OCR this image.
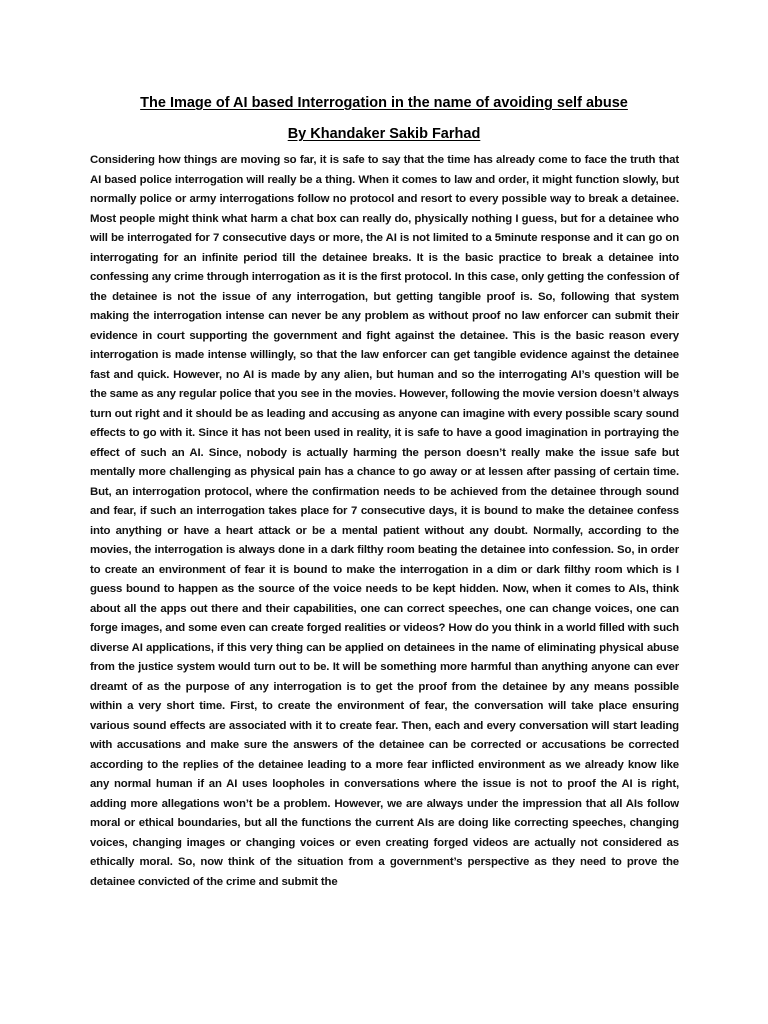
The Image of AI based Interrogation in the name of avoiding self abuse
By Khandaker Sakib Farhad
Considering how things are moving so far, it is safe to say that the time has already come to face the truth that AI based police interrogation will really be a thing. When it comes to law and order, it might function slowly, but normally police or army interrogations follow no protocol and resort to every possible way to break a detainee. Most people might think what harm a chat box can really do, physically nothing I guess, but for a detainee who will be interrogated for 7 consecutive days or more, the AI is not limited to a 5minute response and it can go on interrogating for an infinite period till the detainee breaks. It is the basic practice to break a detainee into confessing any crime through interrogation as it is the first protocol. In this case, only getting the confession of the detainee is not the issue of any interrogation, but getting tangible proof is. So, following that system making the interrogation intense can never be any problem as without proof no law enforcer can submit their evidence in court supporting the government and fight against the detainee. This is the basic reason every interrogation is made intense willingly, so that the law enforcer can get tangible evidence against the detainee fast and quick. However, no AI is made by any alien, but human and so the interrogating AI’s question will be the same as any regular police that you see in the movies. However, following the movie version doesn’t always turn out right and it should be as leading and accusing as anyone can imagine with every possible scary sound effects to go with it. Since it has not been used in reality, it is safe to have a good imagination in portraying the effect of such an AI. Since, nobody is actually harming the person doesn’t really make the issue safe but mentally more challenging as physical pain has a chance to go away or at lessen after passing of certain time. But, an interrogation protocol, where the confirmation needs to be achieved from the detainee through sound and fear, if such an interrogation takes place for 7 consecutive days, it is bound to make the detainee confess into anything or have a heart attack or be a mental patient without any doubt. Normally, according to the movies, the interrogation is always done in a dark filthy room beating the detainee into confession. So, in order to create an environment of fear it is bound to make the interrogation in a dim or dark filthy room which is I guess bound to happen as the source of the voice needs to be kept hidden. Now, when it comes to AIs, think about all the apps out there and their capabilities, one can correct speeches, one can change voices, one can forge images, and some even can create forged realities or videos? How do you think in a world filled with such diverse AI applications, if this very thing can be applied on detainees in the name of eliminating physical abuse from the justice system would turn out to be. It will be something more harmful than anything anyone can ever dreamt of as the purpose of any interrogation is to get the proof from the detainee by any means possible within a very short time. First, to create the environment of fear, the conversation will take place ensuring various sound effects are associated with it to create fear. Then, each and every conversation will start leading with accusations and make sure the answers of the detainee can be corrected or accusations be corrected according to the replies of the detainee leading to a more fear inflicted environment as we already know like any normal human if an AI uses loopholes in conversations where the issue is not to proof the AI is right, adding more allegations won’t be a problem. However, we are always under the impression that all AIs follow moral or ethical boundaries, but all the functions the current AIs are doing like correcting speeches, changing voices, changing images or changing voices or even creating forged videos are actually not considered as ethically moral. So, now think of the situation from a government’s perspective as they need to prove the detainee convicted of the crime and submit the
